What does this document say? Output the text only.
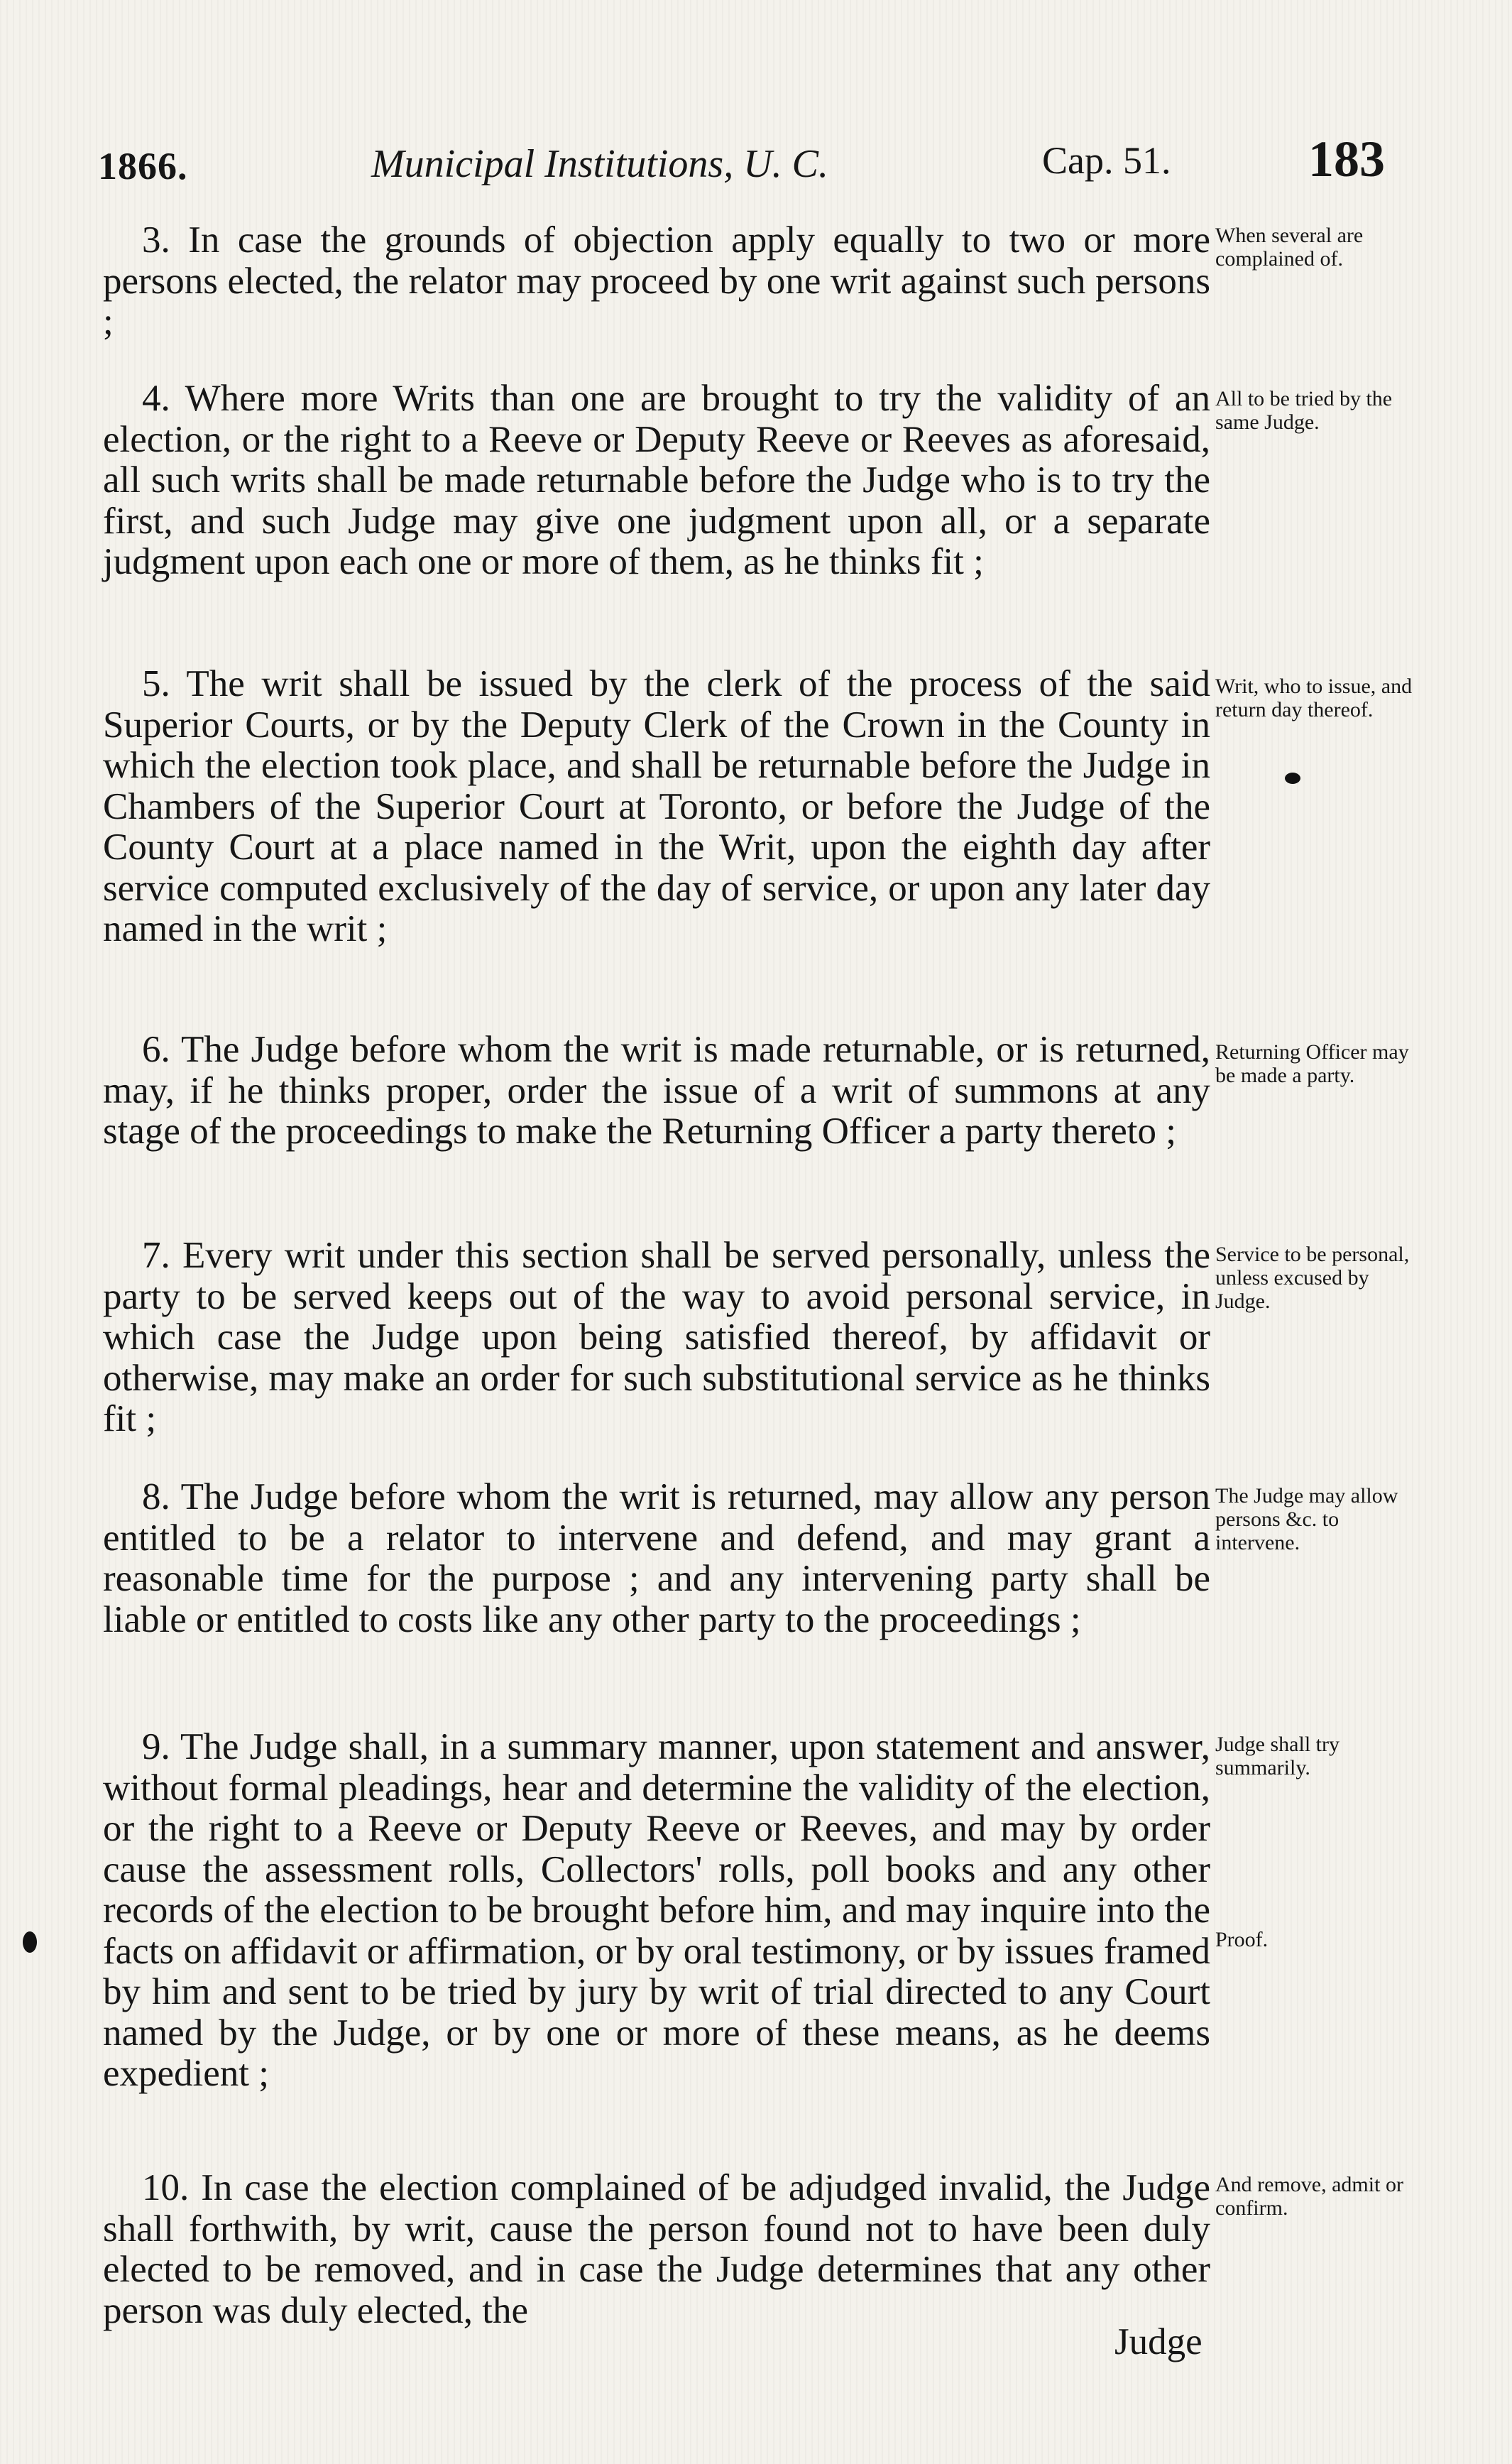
1866.	Municipal Institutions, U. C.	Cap. 51.	183
3. In case the grounds of objection apply equally to two or more persons elected, the relator may proceed by one writ against such persons ;
When several are complained of.
4. Where more Writs than one are brought to try the validity of an election, or the right to a Reeve or Deputy Reeve or Reeves as aforesaid, all such writs shall be made returnable before the Judge who is to try the first, and such Judge may give one judgment upon all, or a separate judgment upon each one or more of them, as he thinks fit ;
All to be tried by the same Judge.
5. The writ shall be issued by the clerk of the process of the said Superior Courts, or by the Deputy Clerk of the Crown in the County in which the election took place, and shall be returnable before the Judge in Chambers of the Superior Court at Toronto, or before the Judge of the County Court at a place named in the Writ, upon the eighth day after service computed exclusively of the day of service, or upon any later day named in the writ ;
Writ, who to issue, and return day thereof.
6. The Judge before whom the writ is made returnable, or is returned, may, if he thinks proper, order the issue of a writ of summons at any stage of the proceedings to make the Returning Officer a party thereto ;
Returning Officer may be made a party.
7. Every writ under this section shall be served personally, unless the party to be served keeps out of the way to avoid personal service, in which case the Judge upon being satisfied thereof, by affidavit or otherwise, may make an order for such substitutional service as he thinks fit ;
Service to be personal, unless excused by Judge.
8. The Judge before whom the writ is returned, may allow any person entitled to be a relator to intervene and defend, and may grant a reasonable time for the purpose ; and any intervening party shall be liable or entitled to costs like any other party to the proceedings ;
The Judge may allow persons &c. to intervene.
9. The Judge shall, in a summary manner, upon statement and answer, without formal pleadings, hear and determine the validity of the election, or the right to a Reeve or Deputy Reeve or Reeves, and may by order cause the assessment rolls, Collectors' rolls, poll books and any other records of the election to be brought before him, and may inquire into the facts on affidavit or affirmation, or by oral testimony, or by issues framed by him and sent to be tried by jury by writ of trial directed to any Court named by the Judge, or by one or more of these means, as he deems expedient ;
Judge shall try summarily.
Proof.
10. In case the election complained of be adjudged invalid, the Judge shall forthwith, by writ, cause the person found not to have been duly elected to be removed, and in case the Judge determines that any other person was duly elected, the
And remove, admit or confirm.
Judge
